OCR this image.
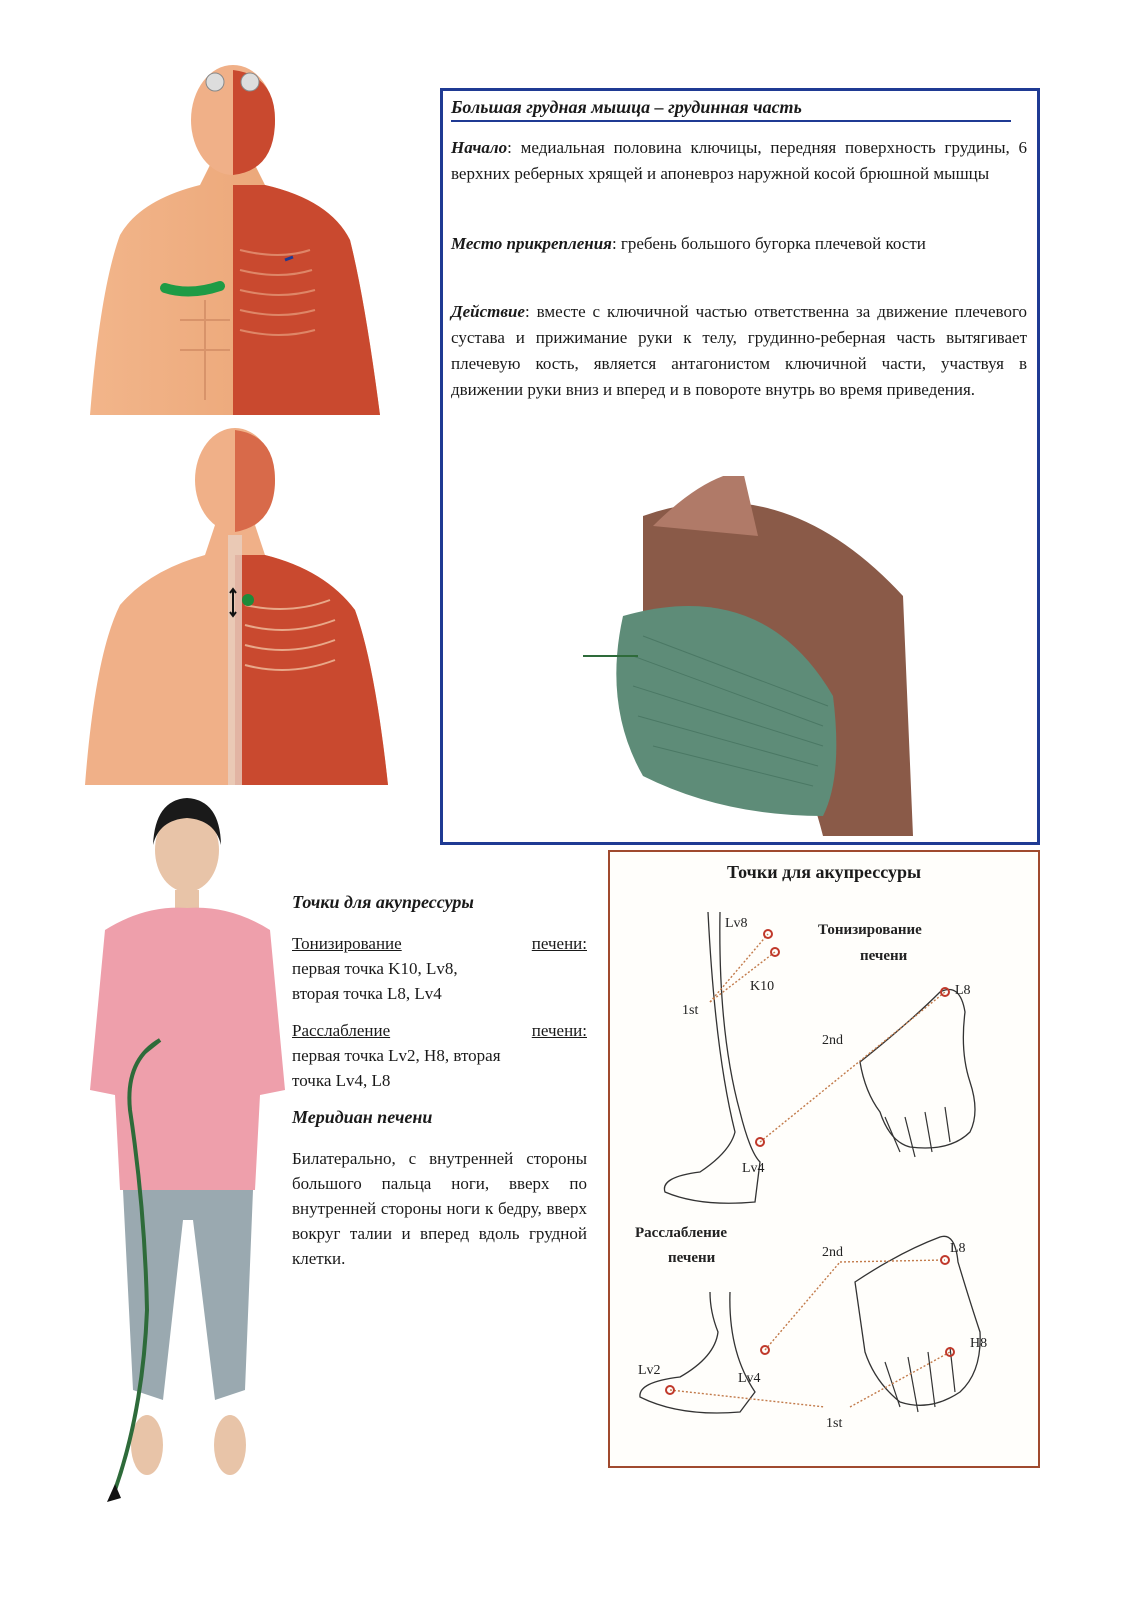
Большая грудная мышца – грудинная часть
Начало: медиальная половина ключицы, передняя поверхность грудины, 6 верхних реберных хрящей и апоневроз наружной косой брюшной мышцы
Место прикрепления: гребень большого бугорка плечевой кости
Действие: вместе с ключичной частью ответственна за движение плечевого сустава и прижимание руки к телу, грудинно-реберная часть вытягивает плечевую кость, является антагонистом ключичной части, участвуя в движении руки вниз и вперед и в повороте внутрь во время приведения.

Точки для акупрессуры

Тонизирование	печени:
первая точка K10, Lv8,
вторая точка L8, Lv4
Расслабление	печени:
первая точка Lv2, H8, вторая
точка Lv4, L8

Меридиан печени

Билатерально, с внутренней стороны большого пальца ноги, вверх по внутренней стороны ноги к бедру, вверх вокруг талии и вперед вдоль грудной клетки.
Точки для акупрессуры
Lv8
K10
1st
2nd
L8
Lv4
2nd	L8
H8
Lv2
Lv4
1st
Тонизирование
печени
Расслабление
печени
